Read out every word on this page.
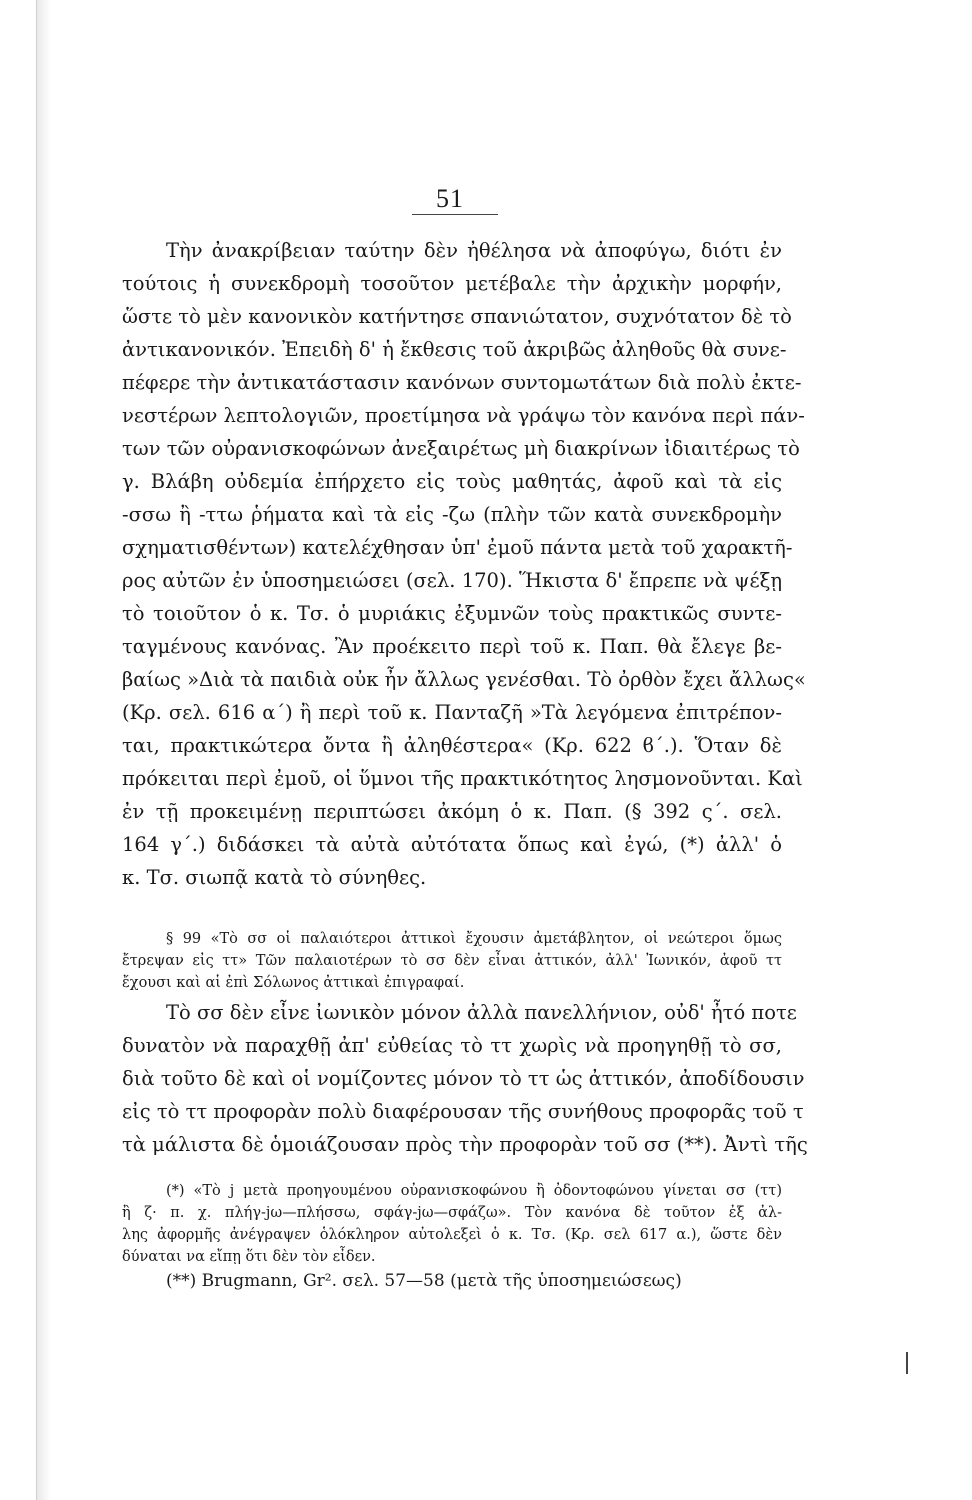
51
Τὴν ἀνακρίβειαν ταύτην δὲν ἠθέλησα νὰ ἀποφύγω, διότι ἐν
τούτοις ἡ συνεκδρομὴ τοσοῦτον μετέβαλε τὴν ἀρχικὴν μορφήν,
ὥστε τὸ μὲν κανονικὸν κατήντησε σπανιώτατον, συχνότατον δὲ τὸ
ἀντικανονικόν. Ἐπειδὴ δ' ἡ ἔκθεσις τοῦ ἀκριβῶς ἀληθοῦς θὰ συνε-
πέφερε τὴν ἀντικατάστασιν κανόνων συντομωτάτων διὰ πολὺ ἐκτε-
νεστέρων λεπτολογιῶν, προετίμησα νὰ γράψω τὸν κανόνα περὶ πάν-
των τῶν οὐρανισκοφώνων ἀνεξαιρέτως μὴ διακρίνων ἰδιαιτέρως τὸ
γ. Βλάβη οὐδεμία ἐπήρχετο εἰς τοὺς μαθητάς, ἀφοῦ καὶ τὰ εἰς
-σσω ἢ -ττω ῥήματα καὶ τὰ εἰς -ζω (πλὴν τῶν κατὰ συνεκδρομὴν
σχηματισθέντων) κατελέχθησαν ὑπ' ἐμοῦ πάντα μετὰ τοῦ χαρακτῆ-
ρος αὐτῶν ἐν ὑποσημειώσει (σελ. 170). Ἥκιστα δ' ἔπρεπε νὰ ψέξῃ
τὸ τοιοῦτον ὁ κ. Τσ. ὁ μυριάκις ἐξυμνῶν τοὺς πρακτικῶς συντε-
ταγμένους κανόνας. Ἂν προέκειτο περὶ τοῦ κ. Παπ. θὰ ἔλεγε βε-
βαίως »Διὰ τὰ παιδιὰ οὐκ ἦν ἄλλως γενέσθαι. Τὸ ὀρθὸν ἔχει ἄλλως«
(Κρ. σελ. 616 α΄) ἢ περὶ τοῦ κ. Πανταζῆ »Τὰ λεγόμενα ἐπιτρέπον-
ται, πρακτικώτερα ὄντα ἢ ἀληθέστερα« (Κρ. 622 ϐ΄.). Ὅταν δὲ
πρόκειται περὶ ἐμοῦ, οἱ ὕμνοι τῆς πρακτικότητος λησμονοῦνται. Καὶ
ἐν τῇ προκειμένῃ περιπτώσει ἀκόμη ὁ κ. Παπ. (§ 392 ς΄. σελ.
164 γ΄.) διδάσκει τὰ αὐτὰ αὐτότατα ὅπως καὶ ἐγώ, (*) ἀλλ' ὁ
κ. Τσ. σιωπᾷ κατὰ τὸ σύνηθες.
§ 99 «Τὸ σσ οἱ παλαιότεροι ἀττικοὶ ἔχουσιν ἀμετάβλητον, οἱ νεώτεροι ὅμως
ἔτρεψαν εἰς ττ» Τῶν παλαιοτέρων τὸ σσ δὲν εἶναι ἀττικόν, ἀλλ' Ἰωνικόν, ἀφοῦ ττ
ἔχουσι καὶ αἱ ἐπὶ Σόλωνος ἀττικαὶ ἐπιγραφαί.
Τὸ σσ δὲν εἶνε ἰωνικὸν μόνον ἀλλὰ πανελλήνιον, οὐδ' ἦτό ποτε
δυνατὸν νὰ παραχθῇ ἀπ' εὐθείας τὸ ττ χωρὶς νὰ προηγηθῇ τὸ σσ,
διὰ τοῦτο δὲ καὶ οἱ νομίζοντες μόνον τὸ ττ ὡς ἀττικόν, ἀποδίδουσιν
εἰς τὸ ττ προφορὰν πολὺ διαφέρουσαν τῆς συνήθους προφορᾶς τοῦ τ
τὰ μάλιστα δὲ ὁμοιάζουσαν πρὸς τὴν προφορὰν τοῦ σσ (**). Ἀντὶ τῆς
(*) «Τὸ j μετὰ προηγουμένου οὐρανισκοφώνου ἢ ὀδοντοφώνου γίνεται σσ (ττ)
ἢ ζ· π. χ. πλήγ-jω—πλήσσω, σφάγ-jω—σφάζω». Τὸν κανόνα δὲ τοῦτον ἐξ ἀλ-
λης ἀφορμῆς ἀνέγραψεν ὁλόκληρον αὐτολεξεὶ ὁ κ. Τσ. (Κρ. σελ 617 α.), ὥστε δὲν
δύναται να εἴπῃ ὅτι δὲν τὸν εἶδεν.
(**) Brugmann, Gr². σελ. 57—58 (μετὰ τῆς ὑποσημειώσεως)
